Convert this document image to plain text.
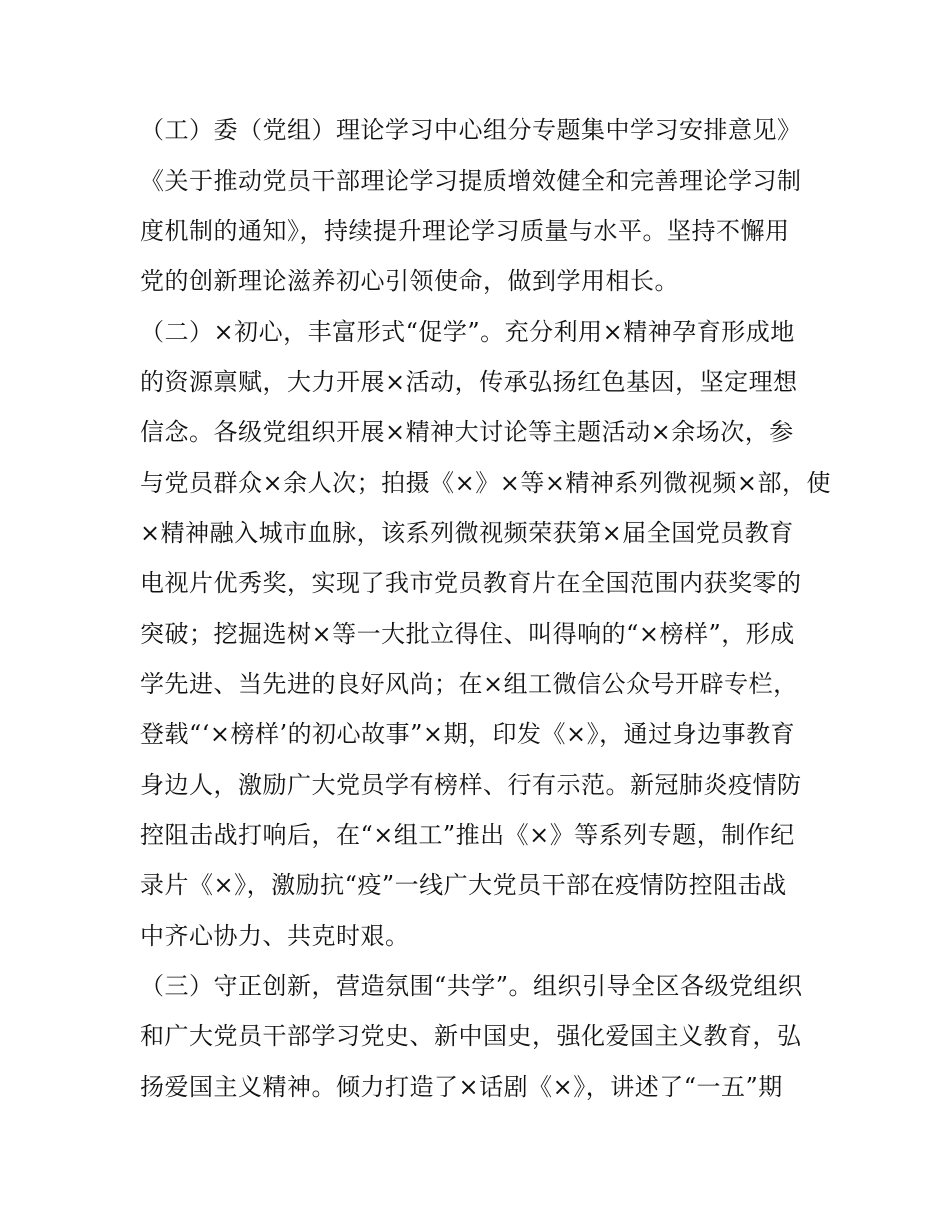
（工）委（党组）理论学习中心组分专题集中学习安排意见》
《关于推动党员干部理论学习提质增效健全和完善理论学习制
度机制的通知》，持续提升理论学习质量与水平。坚持不懈用
党的创新理论滋养初心引领使命，做到学用相长。
（二）×初心，丰富形式“促学”。充分利用×精神孕育形成地
的资源禀赋，大力开展×活动，传承弘扬红色基因，坚定理想
信念。各级党组织开展×精神大讨论等主题活动×余场次，参
与党员群众×余人次；拍摄《×》×等×精神系列微视频×部，使
×精神融入城市血脉，该系列微视频荣获第×届全国党员教育
电视片优秀奖，实现了我市党员教育片在全国范围内获奖零的
突破；挖掘选树×等一大批立得住、叫得响的“×榜样”，形成
学先进、当先进的良好风尚；在×组工微信公众号开辟专栏，
登载“‘×榜样’的初心故事”×期，印发《×》，通过身边事教育
身边人，激励广大党员学有榜样、行有示范。新冠肺炎疫情防
控阻击战打响后，在“×组工”推出《×》等系列专题，制作纪
录片《×》，激励抗“疫”一线广大党员干部在疫情防控阻击战
中齐心协力、共克时艰。
（三）守正创新，营造氛围“共学”。组织引导全区各级党组织
和广大党员干部学习党史、新中国史，强化爱国主义教育，弘
扬爱国主义精神。倾力打造了×话剧《×》，讲述了“一五”期
